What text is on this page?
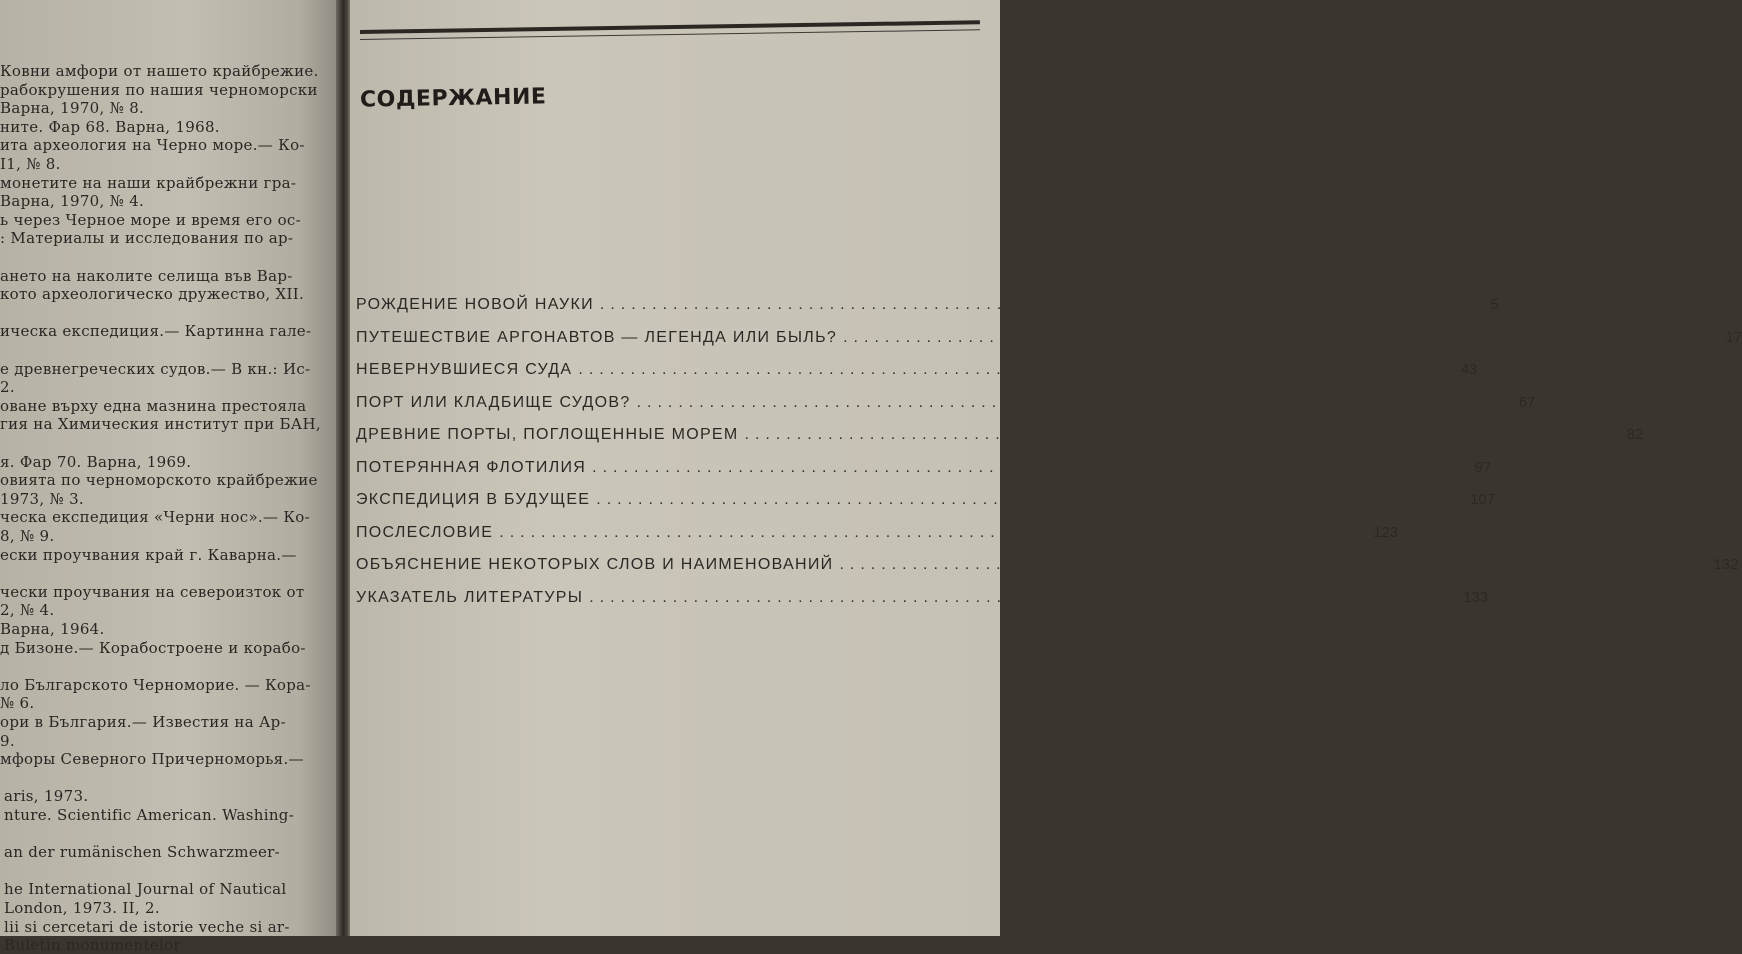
Ковни амфори от нашето крайбрежие.
рабокрушения по нашия черноморски
Варна, 1970, № 8.
ните. Фар 68. Варна, 1968.
ита археология на Черно море.— Ко-
I1, № 8.
монетите на наши крайбрежни гра-
Варна, 1970, № 4.
ь через Черное море и время его ос-
: Материалы и исследования по ар-
ането на наколите селища във Вар-
кото археологическо дружество, XII.
ическа експедиция.— Картинна гале-
е древнегреческих судов.— В кн.: Ис-
2.
оване върху една мазнина престояла
гия на Химическия институт при БАН,
я. Фар 70. Варна, 1969.
овията по черноморското крайбрежие
1973, № 3.
ческа експедиция «Черни нос».— Ко-
8, № 9.
ески проучвания край г. Каварна.—
чески проучвания на североизток от
2, № 4.
Варна, 1964.
д Бизоне.— Корабостроене и корабо-
ло Българското Черноморие. — Кора-
№ 6.
ори в България.— Известия на Ар-
9.
мфоры Северного Причерноморья.—
aris, 1973.
nture. Scientific American. Washing-
an der rumänischen Schwarzmeer-
he International Journal of Nautical
London, 1973. II, 2.
lii si cercetari de istorie veche si ar-
Buletin monumentelor
СОДЕРЖАНИЕ
РОЖДЕНИЕ НОВОЙ НАУКИ ...................................................................................	5
ПУТЕШЕСТВИЕ АРГОНАВТОВ — ЛЕГЕНДА ИЛИ БЫЛЬ? ...................................................................................	17
НЕВЕРНУВШИЕСЯ СУДА ...................................................................................	43
ПОРТ ИЛИ КЛАДБИЩЕ СУДОВ? ...................................................................................	67
ДРЕВНИЕ ПОРТЫ, ПОГЛОЩЕННЫЕ МОРЕМ ...................................................................................	82
ПОТЕРЯННАЯ ФЛОТИЛИЯ ...................................................................................	97
ЭКСПЕДИЦИЯ В БУДУЩЕЕ ................................................................................... 107
ПОСЛЕСЛОВИЕ ................................................................................... 123
ОБЪЯСНЕНИЕ НЕКОТОРЫХ СЛОВ И НАИМЕНОВАНИЙ ................................................................................... 132
УКАЗАТЕЛЬ ЛИТЕРАТУРЫ ................................................................................... 133
